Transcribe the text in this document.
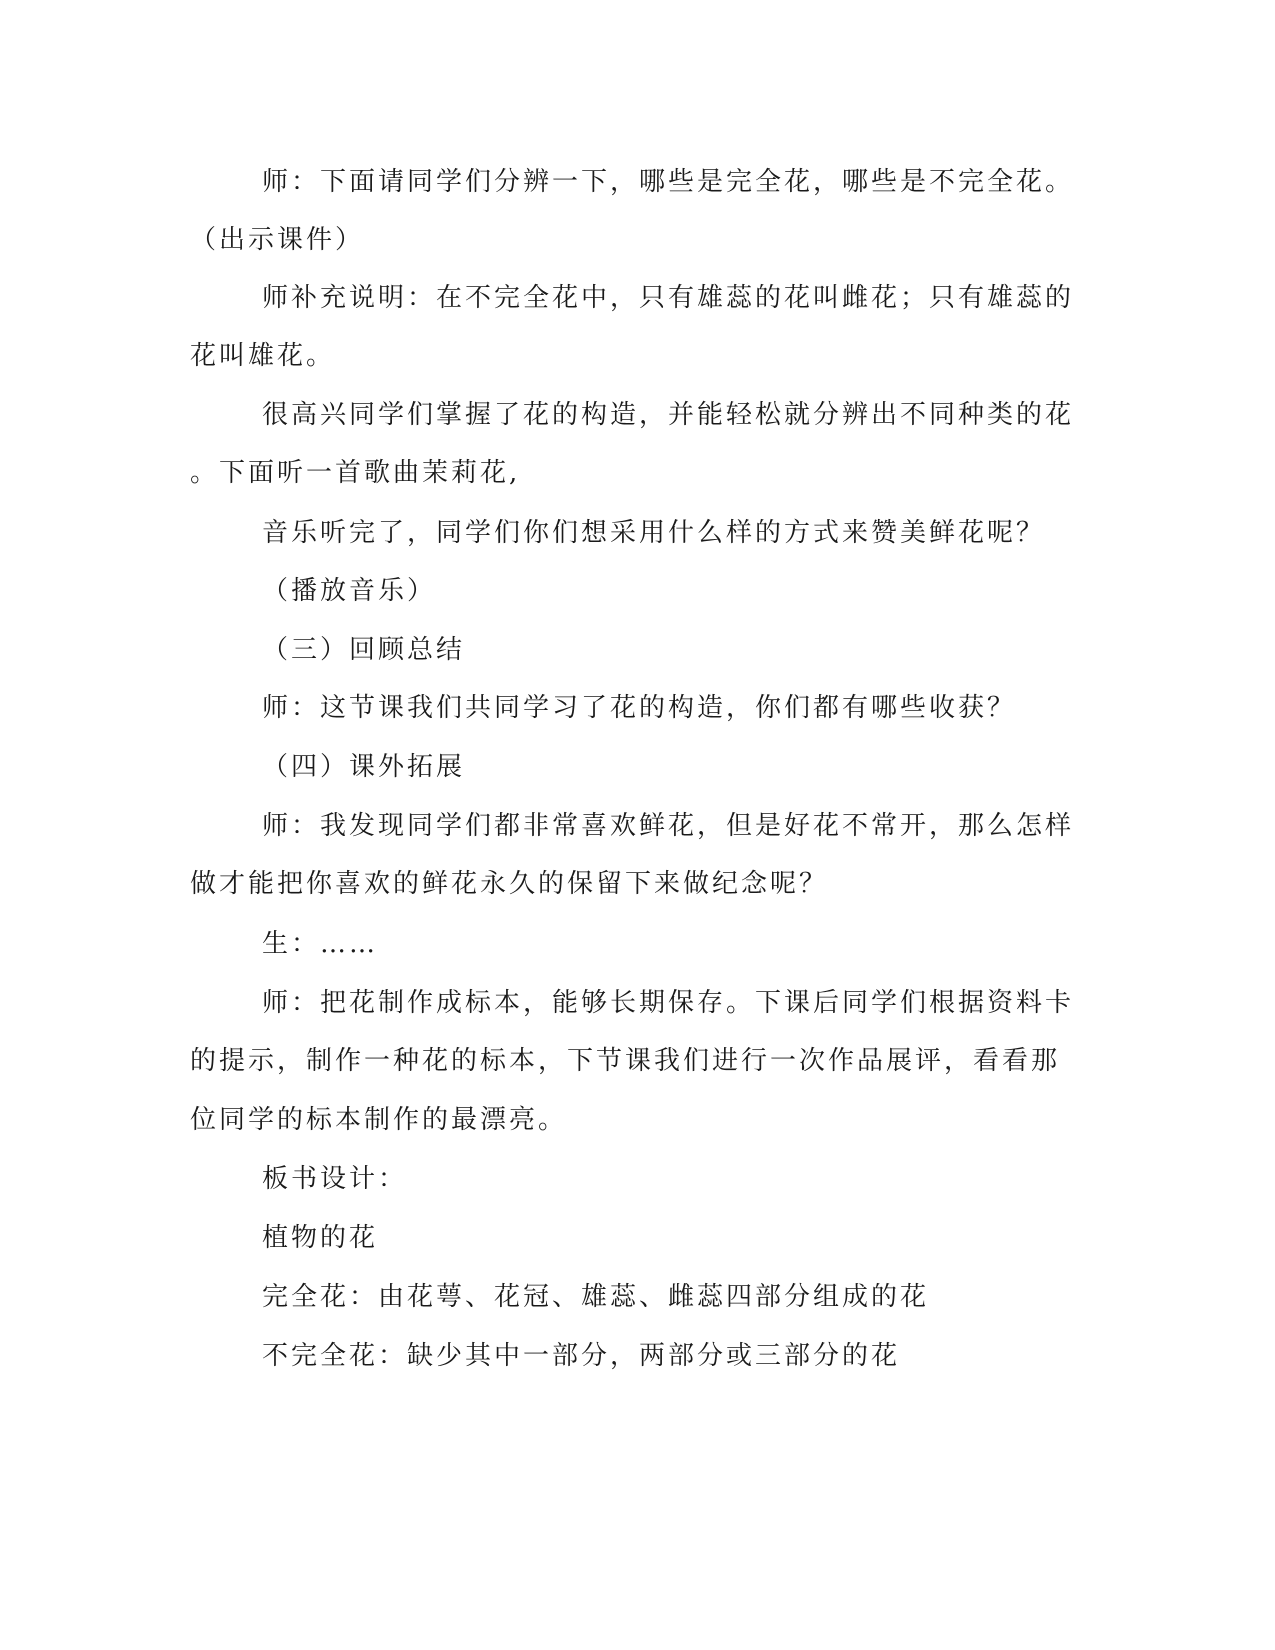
师：下面请同学们分辨一下，哪些是完全花，哪些是不完全花。
（出示课件）
师补充说明：在不完全花中，只有雄蕊的花叫雌花；只有雄蕊的
花叫雄花。
很高兴同学们掌握了花的构造，并能轻松就分辨出不同种类的花
。下面听一首歌曲茉莉花,
音乐听完了，同学们你们想采用什么样的方式来赞美鲜花呢？
（播放音乐）
（三）回顾总结
师：这节课我们共同学习了花的构造，你们都有哪些收获？
（四）课外拓展
师：我发现同学们都非常喜欢鲜花，但是好花不常开，那么怎样
做才能把你喜欢的鲜花永久的保留下来做纪念呢？
生：……
师：把花制作成标本，能够长期保存。下课后同学们根据资料卡
的提示，制作一种花的标本，下节课我们进行一次作品展评，看看那
位同学的标本制作的最漂亮。
板书设计：
植物的花
完全花：由花萼、花冠、雄蕊、雌蕊四部分组成的花
不完全花：缺少其中一部分，两部分或三部分的花
